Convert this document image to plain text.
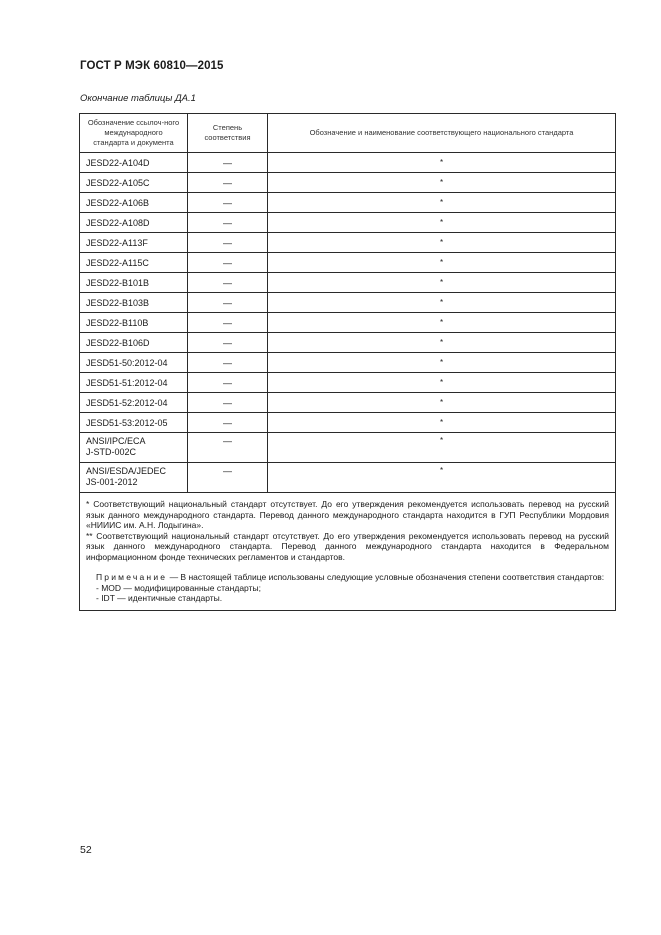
ГОСТ Р МЭК 60810—2015
Окончание таблицы ДА.1
Обозначение ссылоч-ного международного стандарта и документа	Степень соответствия	Обозначение и наименование соответствующего национального стандарта
JESD22-A104D	—	*
JESD22-A105C	—	*
JESD22-A106B	—	*
JESD22-A108D	—	*
JESD22-A113F	—	*
JESD22-A115C	—	*
JESD22-B101B	—	*
JESD22-B103B	—	*
JESD22-B110B	—	*
JESD22-B106D	—	*
JESD51-50:2012-04	—	*
JESD51-51:2012-04	—	*
JESD51-52:2012-04	—	*
JESD51-53:2012-05	—	*

ANSI/IPC/ECA
J-STD-002C	—	*

ANSI/ESDA/JEDEC
JS-001-2012	—	*

* Соответствующий национальный стандарт отсутствует. До его утверждения рекомендуется использовать перевод на русский язык данного международного стандарта. Перевод данного международного стандарта находится в ГУП Республики Мордовия «НИИИС им. А.Н. Лодыгина».

** Соответствующий национальный стандарт отсутствует. До его утверждения рекомендуется использовать перевод на русский язык данного международного стандарта. Перевод данного международного стандарта находится в Федеральном информационном фонде технических регламентов и стандартов.

Примечание — В настоящей таблице использованы следующие условные обозначения степени соответствия стандартов:

- MOD — модифицированные стандарты;
- IDT — идентичные стандарты.		
52
